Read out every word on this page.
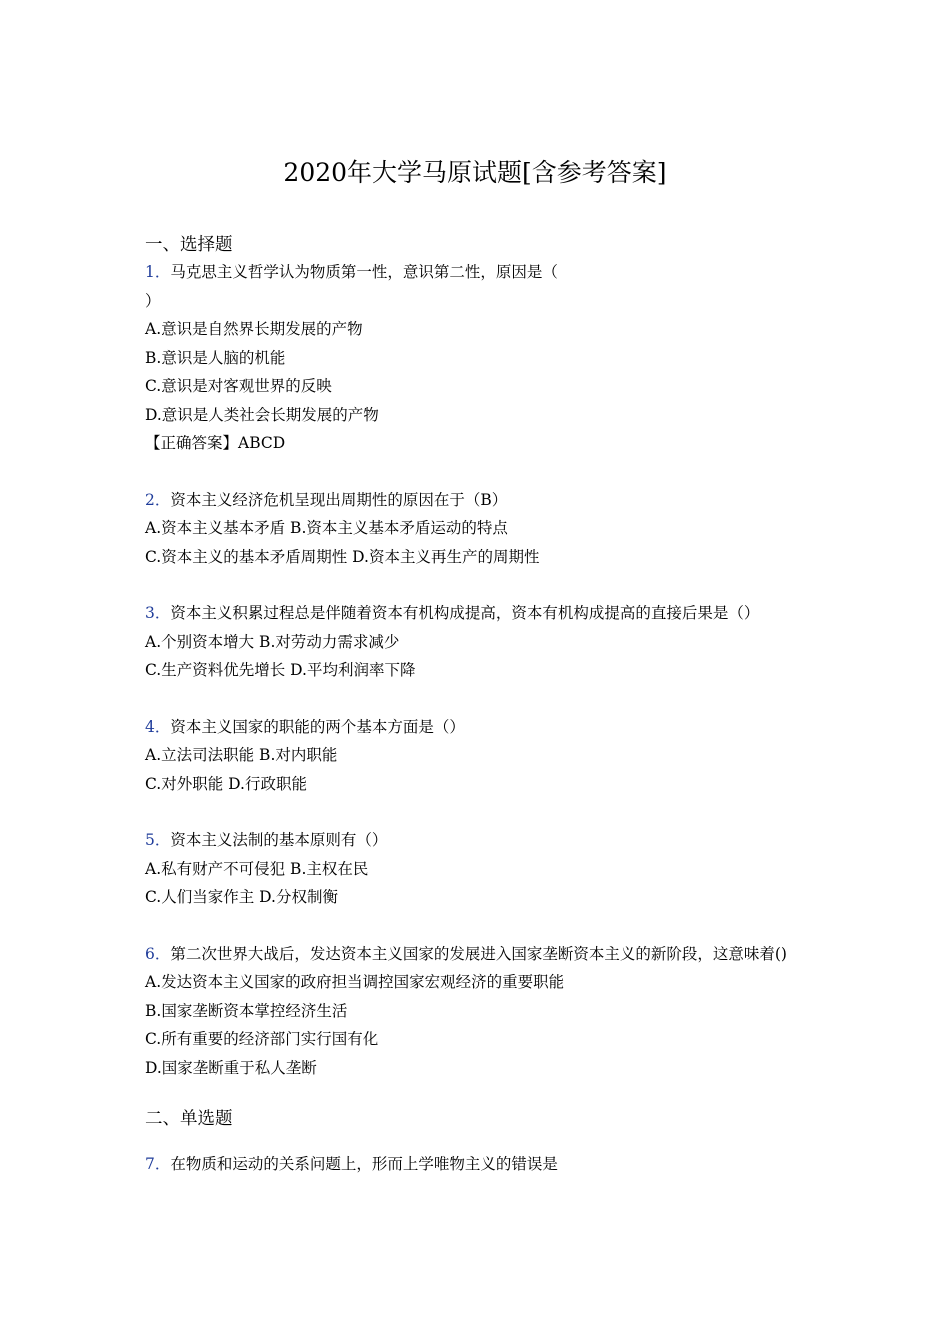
2020年大学马原试题[含参考答案]
一、选择题
1．马克思主义哲学认为物质第一性，意识第二性，原因是（
）
A.意识是自然界长期发展的产物
B.意识是人脑的机能
C.意识是对客观世界的反映
D.意识是人类社会长期发展的产物
【正确答案】ABCD
2．资本主义经济危机呈现出周期性的原因在于（B）
A.资本主义基本矛盾 B.资本主义基本矛盾运动的特点
C.资本主义的基本矛盾周期性 D.资本主义再生产的周期性
3．资本主义积累过程总是伴随着资本有机构成提高，资本有机构成提高的直接后果是（）
A.个别资本增大 B.对劳动力需求减少
C.生产资料优先增长 D.平均利润率下降
4．资本主义国家的职能的两个基本方面是（）
A.立法司法职能 B.对内职能
C.对外职能 D.行政职能
5．资本主义法制的基本原则有（）
A.私有财产不可侵犯 B.主权在民
C.人们当家作主 D.分权制衡
6．第二次世界大战后，发达资本主义国家的发展进入国家垄断资本主义的新阶段，这意味着()
A.发达资本主义国家的政府担当调控国家宏观经济的重要职能
B.国家垄断资本掌控经济生活
C.所有重要的经济部门实行国有化
D.国家垄断重于私人垄断
二、单选题
7．在物质和运动的关系问题上，形而上学唯物主义的错误是
